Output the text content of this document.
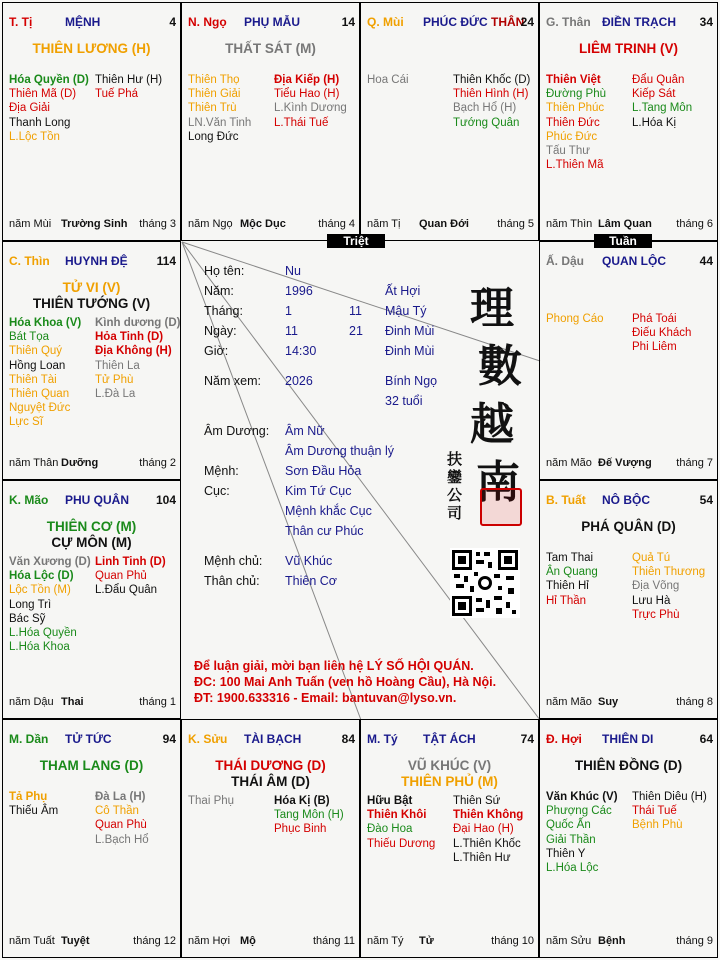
T. Tị	MỆNH	4
THIÊN LƯƠNG (H)
Hóa Quyền (D)
Thiên Mã (D)
Địa Giải
Thanh Long
L.Lộc Tồn
Thiên Hư (H)
Tuế Phá
năm Mùi Trường Sinh tháng 3
N. Ngọ PHỤ MẪU	14
THẤT SÁT (M)
Thiên Thọ
Thiên Giải
Thiên Trù
LN.Văn Tinh
Long Đức
Địa Kiếp (H)
Tiểu Hao (H)
L.Kình Dương
L.Thái Tuế
năm Ngọ Mộc Dục	tháng 4
Q. Mùi PHÚC ĐỨC THÂN
24
Hoa Cái	Thiên Khốc (D)
Thiên Hình (H)
Bạch Hổ (H)
Tướng Quân
năm Tị Quan Đới	tháng 5
G. Thân ĐIỀN TRẠCH 34
LIÊM TRINH (V)
Thiên Việt
Đường Phù
Thiên Phúc
Thiên Đức
Phúc Đức
Tấu Thư
L.Thiên Mã
Đẩu Quân
Kiếp Sát
L.Tang Môn
L.Hóa Kị
năm Thìn Lâm Quan tháng 6
C. Thìn HUYNH ĐỆ 114
TỬ VI (V)
THIÊN TƯỚNG (V)
Hóa Khoa (V)
Bát Tọa
Thiên Quý
Hồng Loan
Thiên Tài
Thiên Quan
Nguyệt Đức
Lực Sĩ
Kình dương (D)
Hỏa Tinh (D)
Địa Không (H)
Thiên La
Tử Phù
L.Đà La
năm Thân Dưỡng	tháng 2
Ấ. Dậu QUAN LỘC	44
Phong Cáo Phá Toái
Điếu Khách
Phi Liêm
năm Mão Đế Vượng tháng 7
K. Mão PHU QUÂN 104
THIÊN CƠ (M)
CỰ MÔN (M)
Văn Xương (D)
Hóa Lộc (D)
Lộc Tồn (M)
Long Trì
Bác Sỹ
L.Hóa Quyền
L.Hóa Khoa
Linh Tinh (D)
Quan Phủ
L.Đẩu Quân
năm Dậu Thai	tháng 1
B. Tuất NÔ BỘC	54
PHÁ QUÂN (D)
Tam Thai
Ân Quang
Thiên Hỉ
Hỉ Thần
Quả Tú
Thiên Thương
Địa Võng
Lưu Hà
Trực Phù
năm Mão Suy	tháng 8
M. Dần TỬ TỨC	94
THAM LANG (D)
Tả Phụ
Thiếu Âm
Đà La (H)
Cô Thần
Quan Phù
L.Bạch Hổ
năm Tuất Tuyệt	tháng 12
K. Sửu TÀI BẠCH	84
THÁI DƯƠNG (D)
THÁI ÂM (D)
Thai Phụ	Hóa Kị (B)
Tang Môn (H)
Phục Binh
năm Hợi Mộ	tháng 11
M. Tý TẬT ÁCH	74
VŨ KHÚC (V)
THIÊN PHỦ (M)
Hữu Bật
Thiên Khôi
Đào Hoa
Thiếu Dương
Thiên Sứ
Thiên Không
Đại Hao (H)
L.Thiên Khốc
L.Thiên Hư
năm Tý Tử	tháng 10
Đ. Hợi THIÊN DI	64
THIÊN ĐỒNG (D)
Văn Khúc (V)
Phượng Các
Quốc Ấn
Giải Thần
Thiên Y
L.Hóa Lộc
Thiên Diêu (H)
Thái Tuế
Bệnh Phù
năm Sửu Bệnh	tháng 9
Triệt	Tuần
Họ tên:	Nu
Năm:	1996	Ất Hợi
Tháng:	1	11 Mậu Tý
Ngày:	11	21 Đinh Mùi
Giờ:	14:30	Đinh Mùi
Năm xem: 2026	Bính Ngọ
32 tuổi
Âm Dương: Âm Nữ
Âm Dương thuận lý
Mệnh:	Sơn Đầu Hỏa
Cục:	Kim Tứ Cục
Mệnh khắc Cục
Thân cư Phúc
Mệnh chủ: Vũ Khúc
Thân chủ: Thiên Cơ
理
數
越
南
扶鑾公司
Để luận giải, mời bạn liên hệ LÝ SỐ HỘI QUÁN.
ĐC: 100 Mai Anh Tuấn (ven hồ Hoàng Cầu), Hà Nội.
ĐT: 1900.633316 - Email: bantuvan@lyso.vn.
